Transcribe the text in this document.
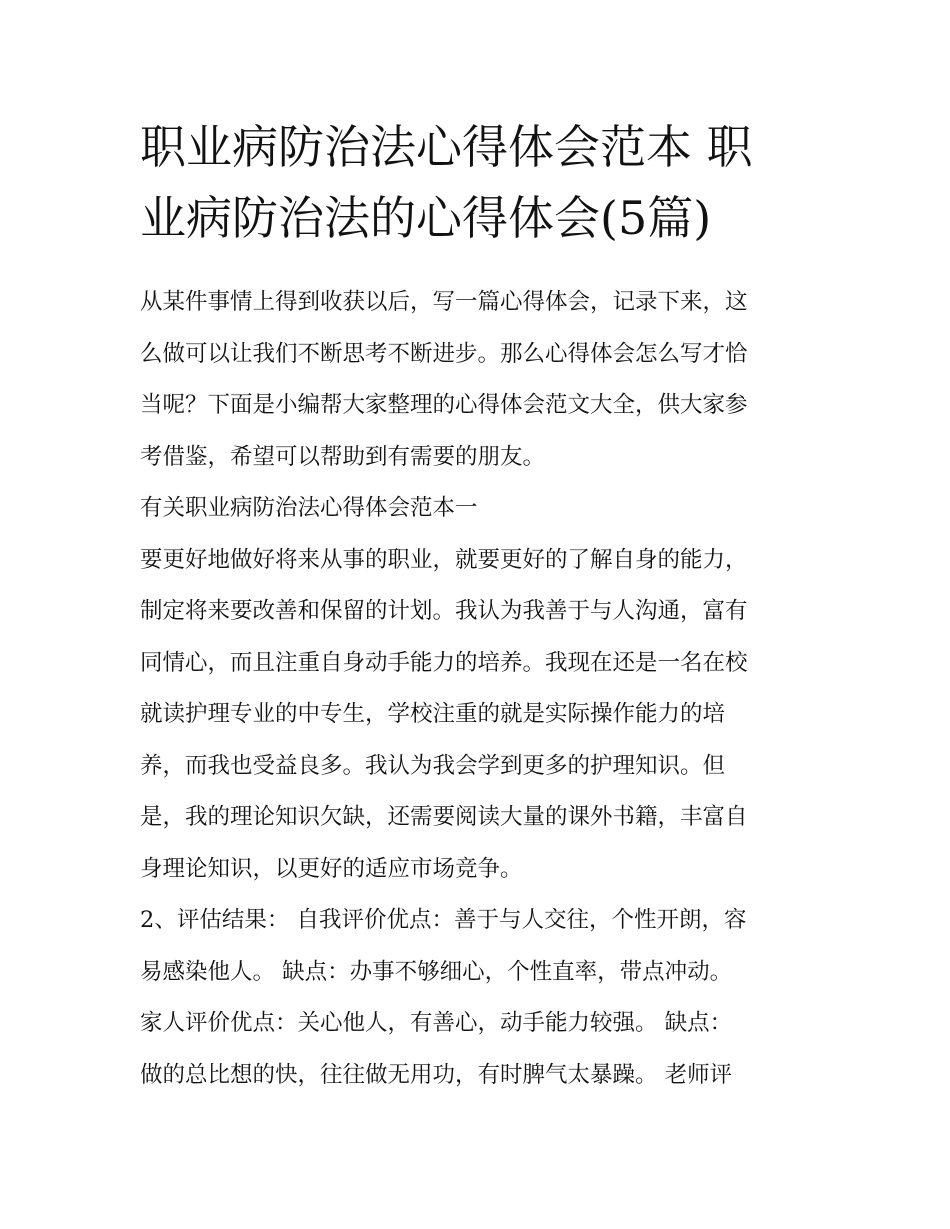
职业病防治法心得体会范本 职
业病防治法的心得体会(5篇)
从某件事情上得到收获以后，写一篇心得体会，记录下来，这
么做可以让我们不断思考不断进步。那么心得体会怎么写才恰
当呢？下面是小编帮大家整理的心得体会范文大全，供大家参
考借鉴，希望可以帮助到有需要的朋友。
有关职业病防治法心得体会范本一
要更好地做好将来从事的职业，就要更好的了解自身的能力，
制定将来要改善和保留的计划。我认为我善于与人沟通，富有
同情心，而且注重自身动手能力的培养。我现在还是一名在校
就读护理专业的中专生，学校注重的就是实际操作能力的培
养，而我也受益良多。我认为我会学到更多的护理知识。但
是，我的理论知识欠缺，还需要阅读大量的课外书籍，丰富自
身理论知识，以更好的适应市场竞争。
2、评估结果： 自我评价优点：善于与人交往，个性开朗，容
易感染他人。 缺点：办事不够细心，个性直率，带点冲动。
家人评价优点：关心他人，有善心，动手能力较强。 缺点：
做的总比想的快，往往做无用功，有时脾气太暴躁。 老师评
